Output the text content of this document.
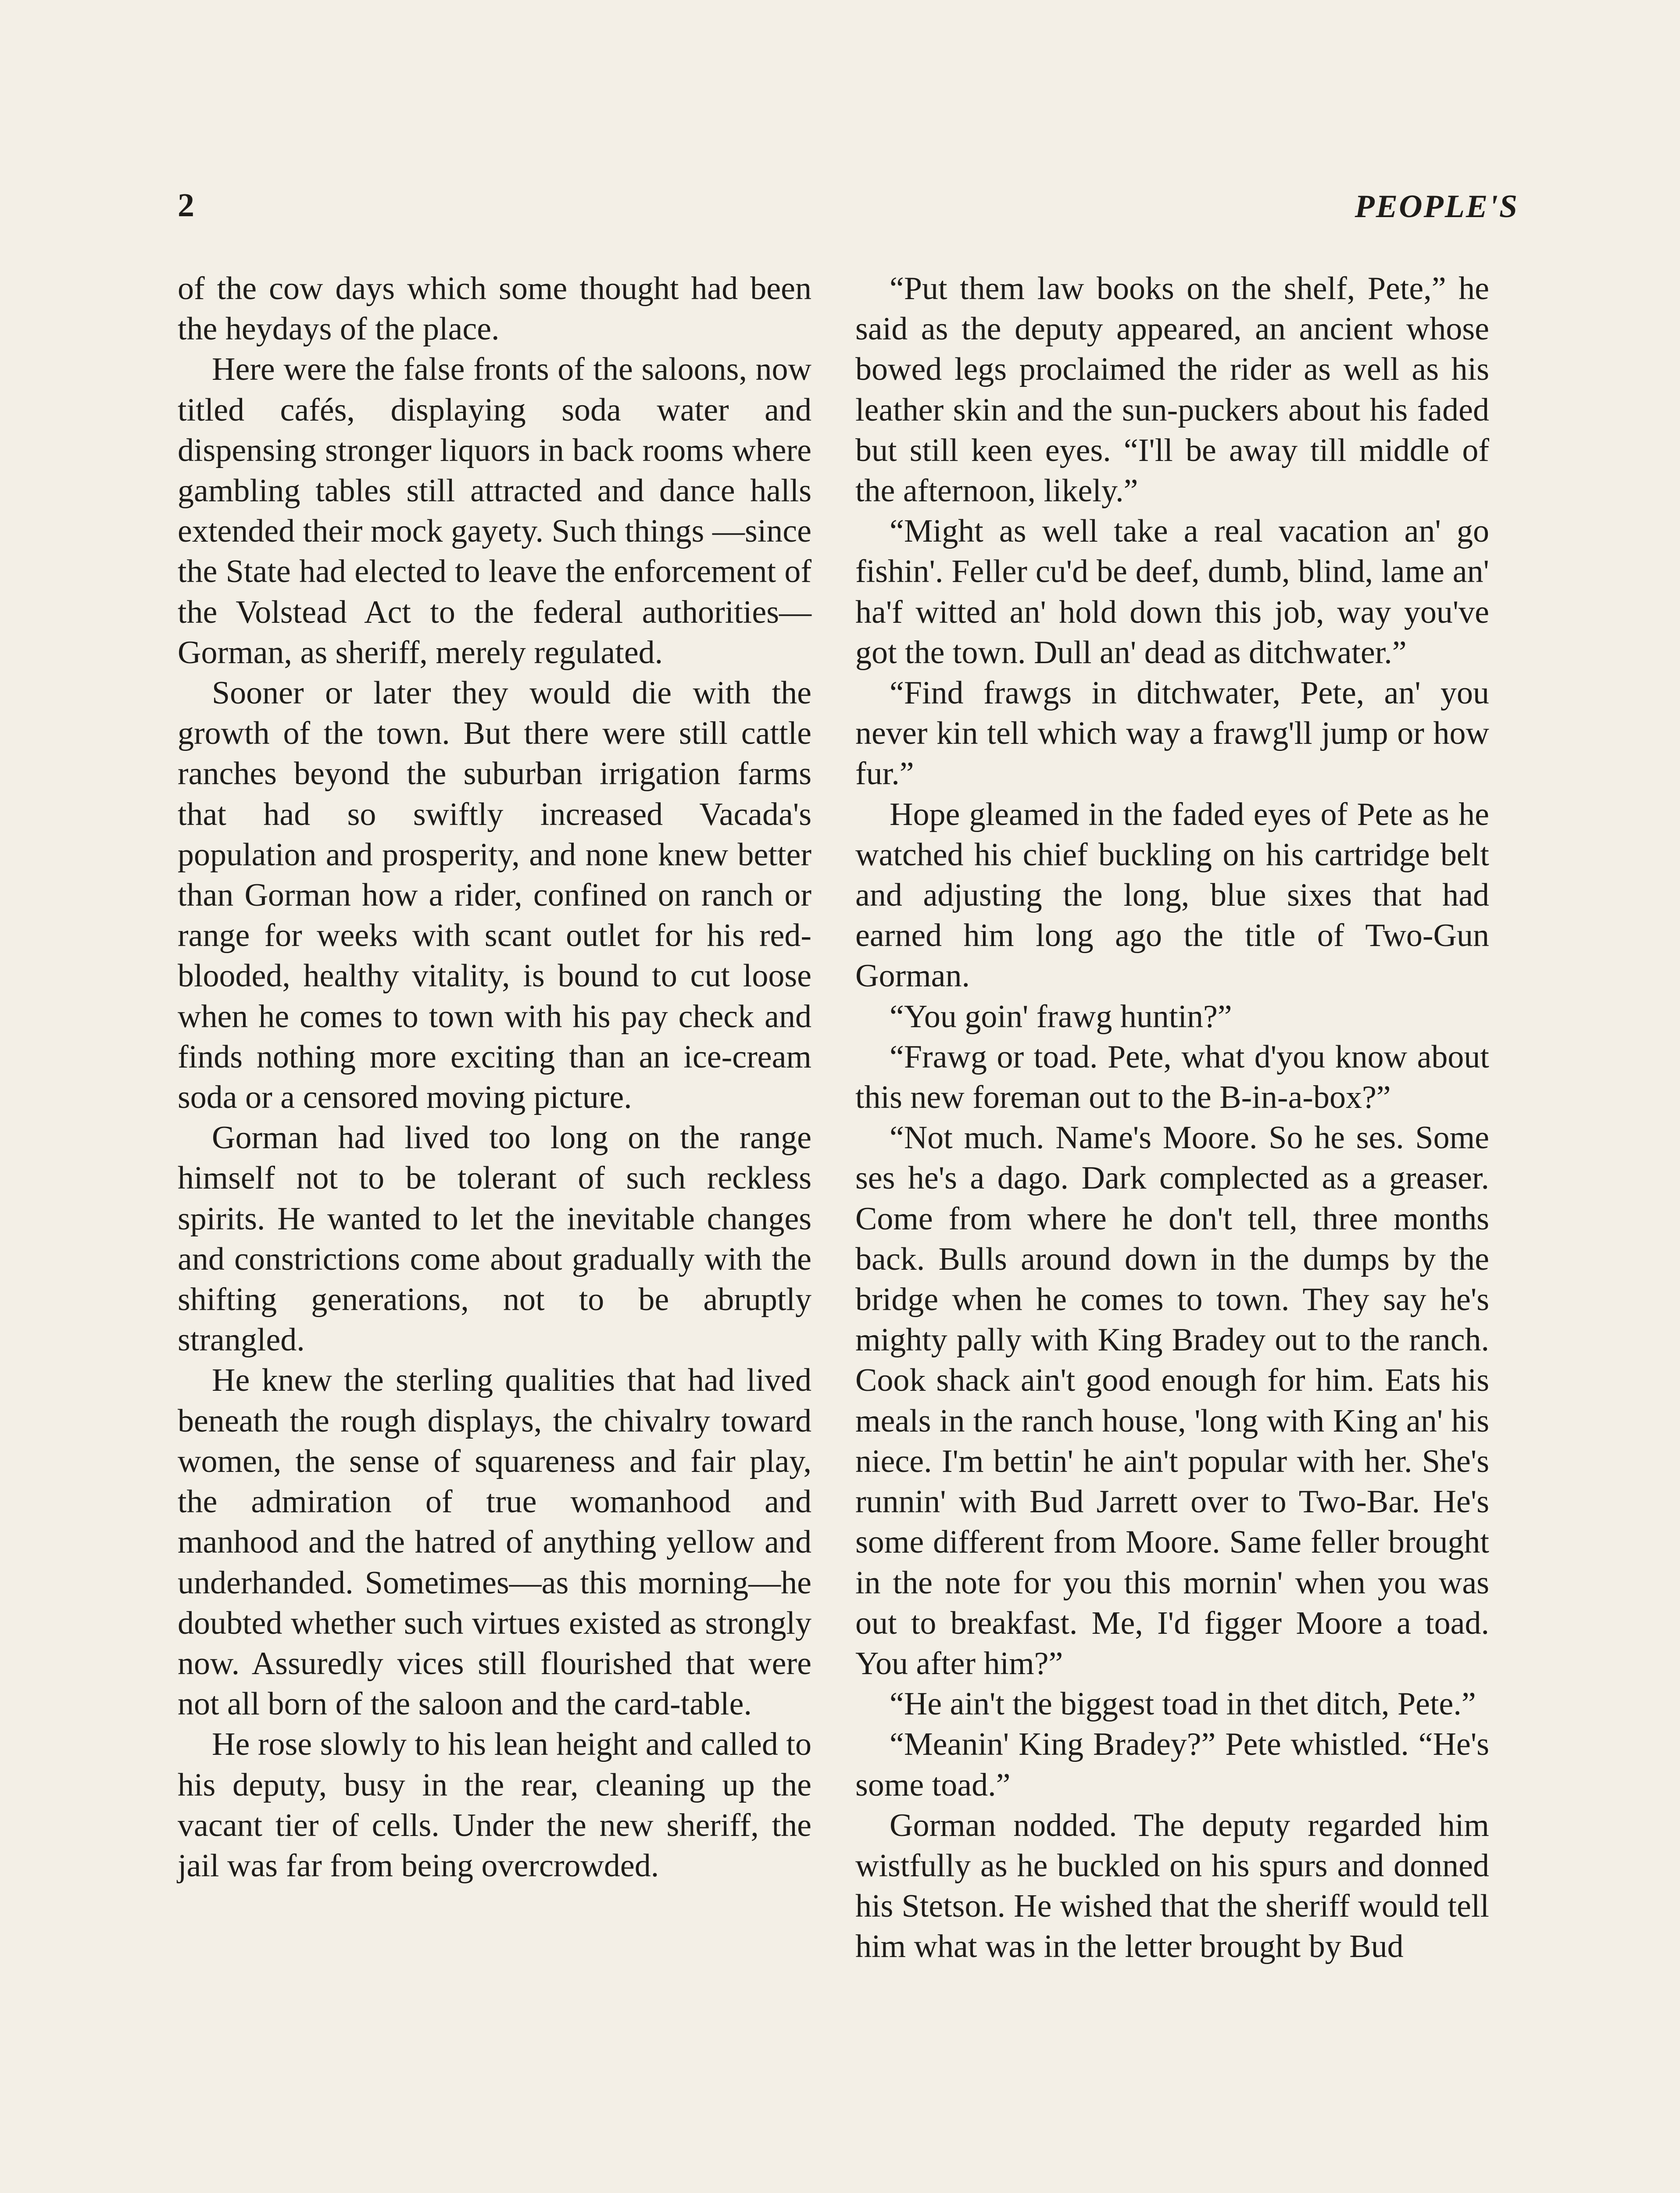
2	PEOPLE'S

of the cow days which some thought had been the heydays of the place.

Here were the false fronts of the saloons, now titled cafés, displaying soda water and dispensing stronger liquors in back rooms where gambling tables still attracted and dance halls extended their mock gayety. Such things —since the State had elected to leave the enforcement of the Volstead Act to the federal authorities—Gorman, as sheriff, merely regulated.

Sooner or later they would die with the growth of the town. But there were still cattle ranches beyond the suburban irrigation farms that had so swiftly increased Vacada's population and prosperity, and none knew better than Gorman how a rider, confined on ranch or range for weeks with scant outlet for his red-blooded, healthy vitality, is bound to cut loose when he comes to town with his pay check and finds nothing more exciting than an ice-cream soda or a censored moving picture.

Gorman had lived too long on the range himself not to be tolerant of such reckless spirits. He wanted to let the inevitable changes and constrictions come about gradually with the shifting generations, not to be abruptly strangled.

He knew the sterling qualities that had lived beneath the rough displays, the chivalry toward women, the sense of squareness and fair play, the admiration of true womanhood and manhood and the hatred of anything yellow and underhanded. Sometimes—as this morning—he doubted whether such virtues existed as strongly now. Assuredly vices still flourished that were not all born of the saloon and the card-table.

He rose slowly to his lean height and called to his deputy, busy in the rear, cleaning up the vacant tier of cells. Under the new sheriff, the jail was far from being overcrowded.

“Put them law books on the shelf, Pete,” he said as the deputy appeared, an ancient whose bowed legs proclaimed the rider as well as his leather skin and the sun-puckers about his faded but still keen eyes. “I'll be away till middle of the afternoon, likely.”

“Might as well take a real vacation an' go fishin'. Feller cu'd be deef, dumb, blind, lame an' ha'f witted an' hold down this job, way you've got the town. Dull an' dead as ditchwater.”

“Find frawgs in ditchwater, Pete, an' you never kin tell which way a frawg'll jump or how fur.”

Hope gleamed in the faded eyes of Pete as he watched his chief buckling on his cartridge belt and adjusting the long, blue sixes that had earned him long ago the title of Two-Gun Gorman.

“You goin' frawg huntin?”

“Frawg or toad. Pete, what d'you know about this new foreman out to the B-in-a-box?”

“Not much. Name's Moore. So he ses. Some ses he's a dago. Dark complected as a greaser. Come from where he don't tell, three months back. Bulls around down in the dumps by the bridge when he comes to town. They say he's mighty pally with King Bradey out to the ranch. Cook shack ain't good enough for him. Eats his meals in the ranch house, 'long with King an' his niece. I'm bettin' he ain't popular with her. She's runnin' with Bud Jarrett over to Two-Bar. He's some different from Moore. Same feller brought in the note for you this mornin' when you was out to breakfast. Me, I'd figger Moore a toad. You after him?”

“He ain't the biggest toad in thet ditch, Pete.”

“Meanin' King Bradey?” Pete whistled. “He's some toad.”

Gorman nodded. The deputy regarded him wistfully as he buckled on his spurs and donned his Stetson. He wished that the sheriff would tell him what was in the letter brought by Bud
